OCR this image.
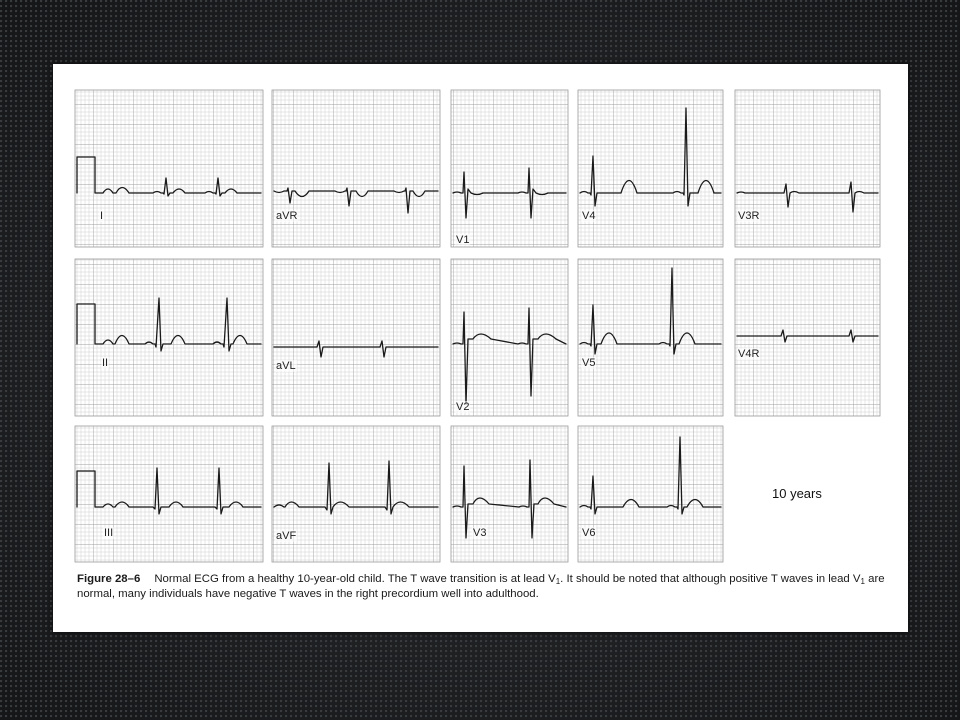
I	aVR
V1
V4	V3R
II	aVL
V2
V5
V4R
III	aVF	V3	V6
10 years
Figure 28–6 Normal ECG from a healthy 10-year-old child. The T wave transition is at lead $V_1$. It should be noted that although positive T waves in lead $V_1$ are normal, many individuals have negative T waves in the right precordium well into adulthood.
